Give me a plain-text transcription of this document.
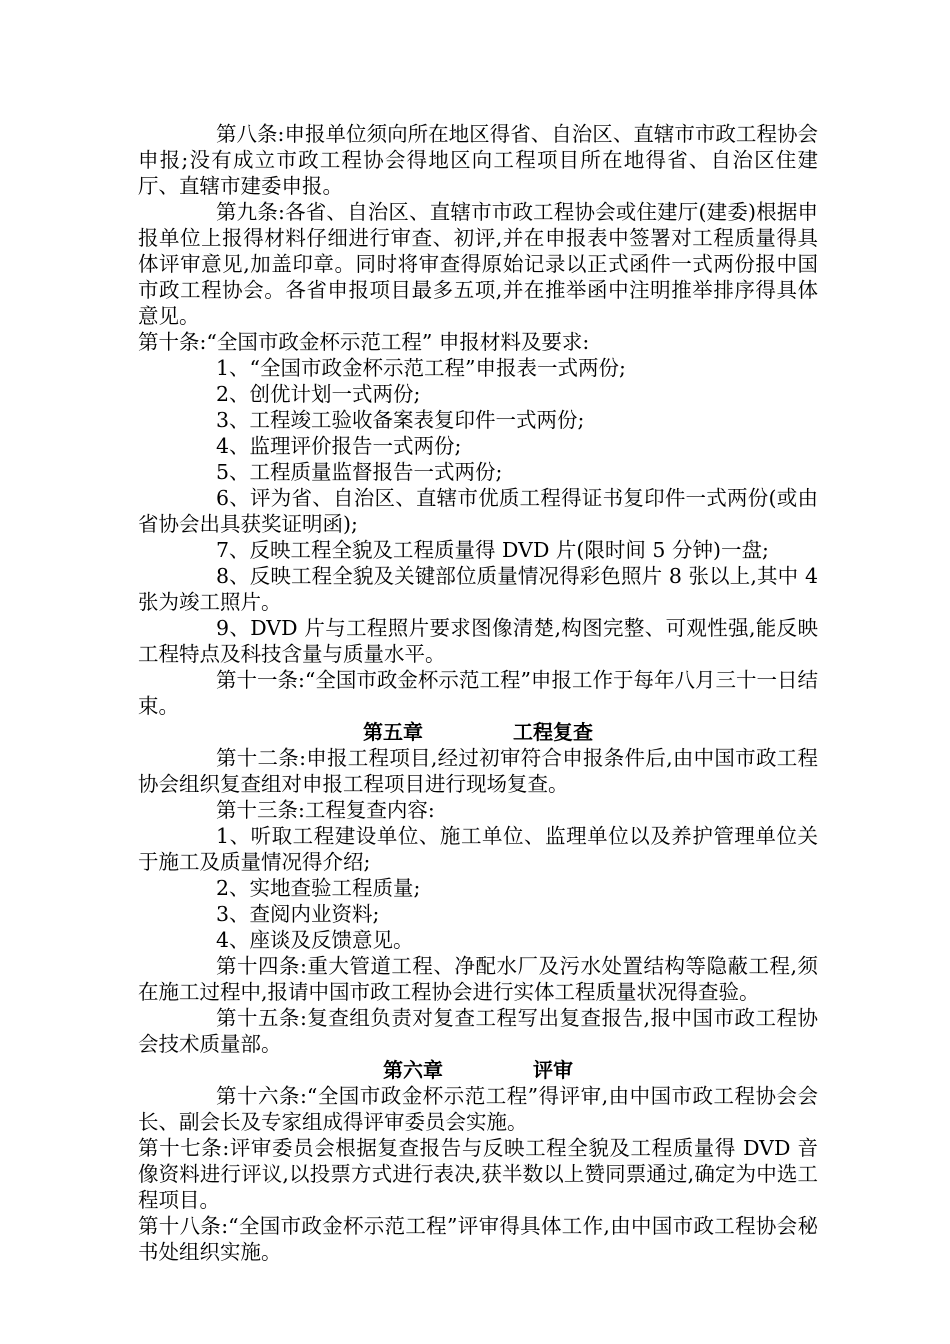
第八条:申报单位须向所在地区得省、自治区、直辖市市政工程协会申报;没有成立市政工程协会得地区向工程项目所在地得省、自治区住建厅、直辖市建委申报。

第九条:各省、自治区、直辖市市政工程协会或住建厅(建委)根据申报单位上报得材料仔细进行审查、初评,并在申报表中签署对工程质量得具体评审意见,加盖印章。同时将审查得原始记录以正式函件一式两份报中国市政工程协会。各省申报项目最多五项,并在推举函中注明推举排序得具体意见。

第十条:“全国市政金杯示范工程” 申报材料及要求:

1、“全国市政金杯示范工程”申报表一式两份;

2、创优计划一式两份;

3、工程竣工验收备案表复印件一式两份;

4、监理评价报告一式两份;

5、工程质量监督报告一式两份;

6、评为省、自治区、直辖市优质工程得证书复印件一式两份(或由省协会出具获奖证明函);

7、反映工程全貌及工程质量得 DVD 片(限时间 5 分钟)一盘;

8、反映工程全貌及关键部位质量情况得彩色照片 8 张以上,其中 4 张为竣工照片。

9、DVD 片与工程照片要求图像清楚,构图完整、可观性强,能反映工程特点及科技含量与质量水平。

第十一条:“全国市政金杯示范工程”申报工作于每年八月三十一日结束。

第五章	工程复查

第十二条:申报工程项目,经过初审符合申报条件后,由中国市政工程协会组织复查组对申报工程项目进行现场复查。

第十三条:工程复查内容:

1、听取工程建设单位、施工单位、监理单位以及养护管理单位关于施工及质量情况得介绍;

2、实地查验工程质量;

3、查阅内业资料;

4、座谈及反馈意见。

第十四条:重大管道工程、净配水厂及污水处置结构等隐蔽工程,须在施工过程中,报请中国市政工程协会进行实体工程质量状况得查验。

第十五条:复查组负责对复查工程写出复查报告,报中国市政工程协会技术质量部。

第六章	评审

第十六条:“全国市政金杯示范工程”得评审,由中国市政工程协会会长、副会长及专家组成得评审委员会实施。

第十七条:评审委员会根据复查报告与反映工程全貌及工程质量得 DVD 音像资料进行评议,以投票方式进行表决,获半数以上赞同票通过,确定为中选工程项目。

第十八条:“全国市政金杯示范工程”评审得具体工作,由中国市政工程协会秘书处组织实施。
